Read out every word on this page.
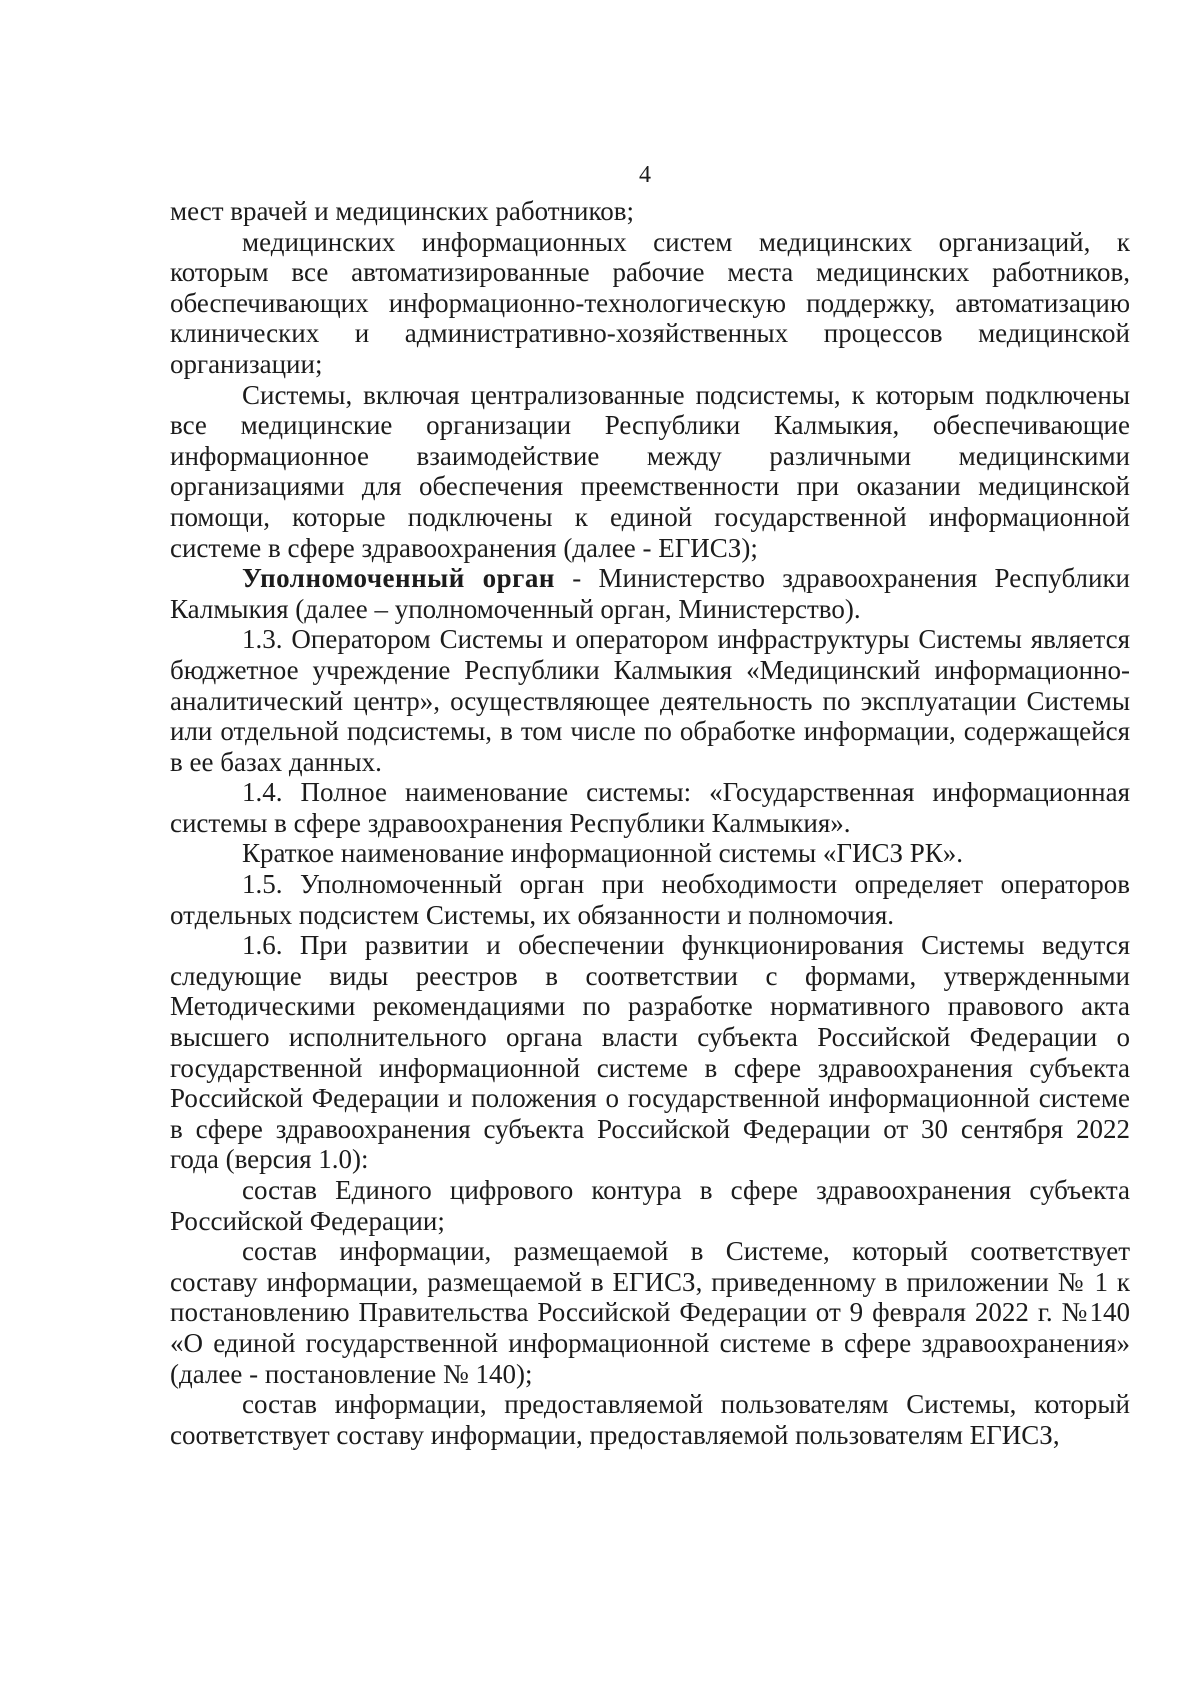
4

мест врачей и медицинских работников;

медицинских информационных систем медицинских организаций, к которым все автоматизированные рабочие места медицинских работников, обеспечивающих информационно-технологическую поддержку, автоматизацию клинических и административно-хозяйственных процессов медицинской организации;

Системы, включая централизованные подсистемы, к которым подключены все медицинские организации Республики Калмыкия, обеспечивающие информационное взаимодействие между различными медицинскими организациями для обеспечения преемственности при оказании медицинской помощи, которые подключены к единой государственной информационной системе в сфере здравоохранения (далее - ЕГИСЗ);

Уполномоченный орган - Министерство здравоохранения Республики Калмыкия (далее – уполномоченный орган, Министерство).

1.3. Оператором Системы и оператором инфраструктуры Системы является бюджетное учреждение Республики Калмыкия «Медицинский информационно-аналитический центр», осуществляющее деятельность по эксплуатации Системы или отдельной подсистемы, в том числе по обработке информации, содержащейся в ее базах данных.

1.4. Полное наименование системы: «Государственная информационная системы в сфере здравоохранения Республики Калмыкия».

Краткое наименование информационной системы «ГИСЗ РК».

1.5. Уполномоченный орган при необходимости определяет операторов отдельных подсистем Системы, их обязанности и полномочия.

1.6. При развитии и обеспечении функционирования Системы ведутся следующие виды реестров в соответствии с формами, утвержденными Методическими рекомендациями по разработке нормативного правового акта высшего исполнительного органа власти субъекта Российской Федерации о государственной информационной системе в сфере здравоохранения субъекта Российской Федерации и положения о государственной информационной системе в сфере здравоохранения субъекта Российской Федерации от 30 сентября 2022 года (версия 1.0):

состав Единого цифрового контура в сфере здравоохранения субъекта Российской Федерации;

состав информации, размещаемой в Системе, который соответствует составу информации, размещаемой в ЕГИСЗ, приведенному в приложении № 1 к постановлению Правительства Российской Федерации от 9 февраля 2022 г. №140 «О единой государственной информационной системе в сфере здравоохранения» (далее - постановление № 140);

состав информации, предоставляемой пользователям Системы, который соответствует составу информации, предоставляемой пользователям ЕГИСЗ,
